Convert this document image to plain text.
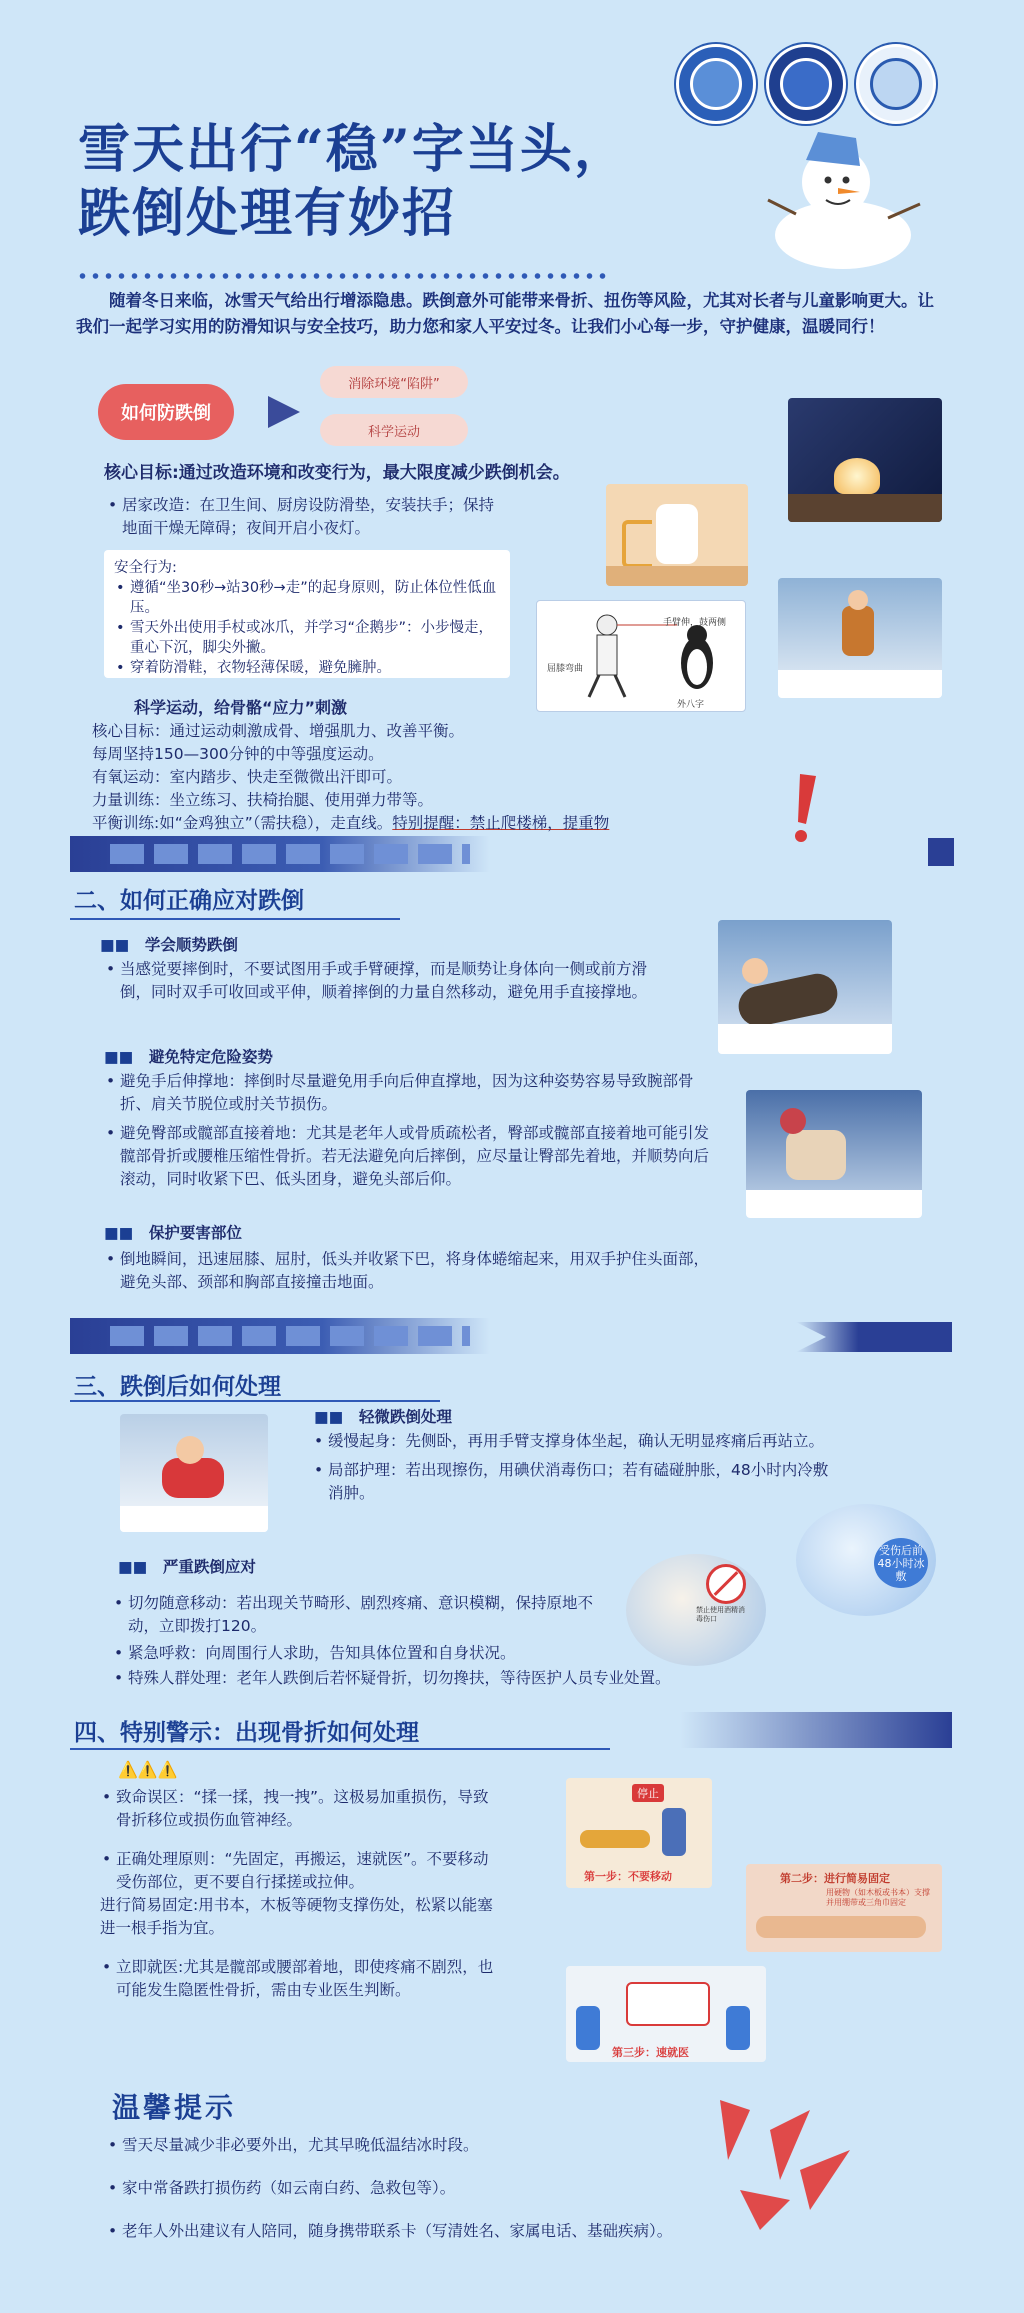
雪天出行“稳”字当头，
跌倒处理有妙招
随着冬日来临，冰雪天气给出行增添隐患。跌倒意外可能带来骨折、扭伤等风险，尤其对长者与儿童影响更大。让我们一起学习实用的防滑知识与安全技巧，助力您和家人平安过冬。让我们小心每一步，守护健康，温暖同行！
如何防跌倒
消除环境“陷阱”
科学运动
核心目标:通过改造环境和改变行为，最大限度减少跌倒机会。
• 居家改造：在卫生间、厨房设防滑垫，安装扶手；保持地面干燥无障碍；夜间开启小夜灯。
安全行为:
• 遵循“坐30秒→站30秒→走”的起身原则，防止体位性低血压。
• 雪天外出使用手杖或冰爪，并学习“企鹅步”：小步慢走，重心下沉，脚尖外撇。
• 穿着防滑鞋，衣物轻薄保暖，避免臃肿。
手臂伸，鼓两侧
屈膝弯曲
外八字
科学运动，给骨骼“应力”刺激
核心目标：通过运动刺激成骨、增强肌力、改善平衡。
每周坚持150—300分钟的中等强度运动。
有氧运动：室内踏步、快走至微微出汗即可。
力量训练：坐立练习、扶椅抬腿、使用弹力带等。
平衡训练:如“金鸡独立”（需扶稳），走直线。特别提醒：禁止爬楼梯，提重物
二、如何正确应对跌倒
■■　 学会顺势跌倒
• 当感觉要摔倒时，不要试图用手或手臂硬撑，而是顺势让身体向一侧或前方滑倒，同时双手可收回或平伸，顺着摔倒的力量自然移动，避免用手直接撑地。
■■　 避免特定危险姿势
• 避免手后伸撑地：摔倒时尽量避免用手向后伸直撑地，因为这种姿势容易导致腕部骨折、肩关节脱位或肘关节损伤。
• 避免臀部或髋部直接着地：尤其是老年人或骨质疏松者，臀部或髋部直接着地可能引发髋部骨折或腰椎压缩性骨折。若无法避免向后摔倒，应尽量让臀部先着地，并顺势向后滚动，同时收紧下巴、低头团身，避免头部后仰。
■■　 保护要害部位
• 倒地瞬间，迅速屈膝、屈肘，低头并收紧下巴，将身体蜷缩起来，用双手护住头面部，避免头部、颈部和胸部直接撞击地面。
三、跌倒后如何处理
■■　 轻微跌倒处理
• 缓慢起身：先侧卧，再用手臂支撑身体坐起，确认无明显疼痛后再站立。
• 局部护理：若出现擦伤，用碘伏消毒伤口；若有磕碰肿胀，48小时内冷敷消肿。
受伤后前48小时冰敷
■■　 严重跌倒应对
禁止使用酒精消毒伤口
• 切勿随意移动：若出现关节畸形、剧烈疼痛、意识模糊，保持原地不动，立即拨打120。
• 紧急呼救：向周围行人求助，告知具体位置和自身状况。
• 特殊人群处理：老年人跌倒后若怀疑骨折，切勿搀扶，等待医护人员专业处置。
四、特别警示：出现骨折如何处理
⚠️⚠️⚠️
• 致命误区：“揉一揉，拽一拽”。这极易加重损伤，导致骨折移位或损伤血管神经。
• 正确处理原则：“先固定，再搬运，速就医”。不要移动受伤部位，更不要自行揉搓或拉伸。
进行简易固定:用书本，木板等硬物支撑伤处，松紧以能塞进一根手指为宜。
• 立即就医:尤其是髋部或腰部着地，即使疼痛不剧烈，也可能发生隐匿性骨折，需由专业医生判断。
停止
第一步：不要移动	第二步：进行简易固定
用硬物（如木板或书本）支撑并用绷带或三角巾固定
第三步：速就医
温馨提示
• 雪天尽量减少非必要外出，尤其早晚低温结冰时段。
• 家中常备跌打损伤药（如云南白药、急救包等）。
• 老年人外出建议有人陪同，随身携带联系卡（写清姓名、家属电话、基础疾病）。
